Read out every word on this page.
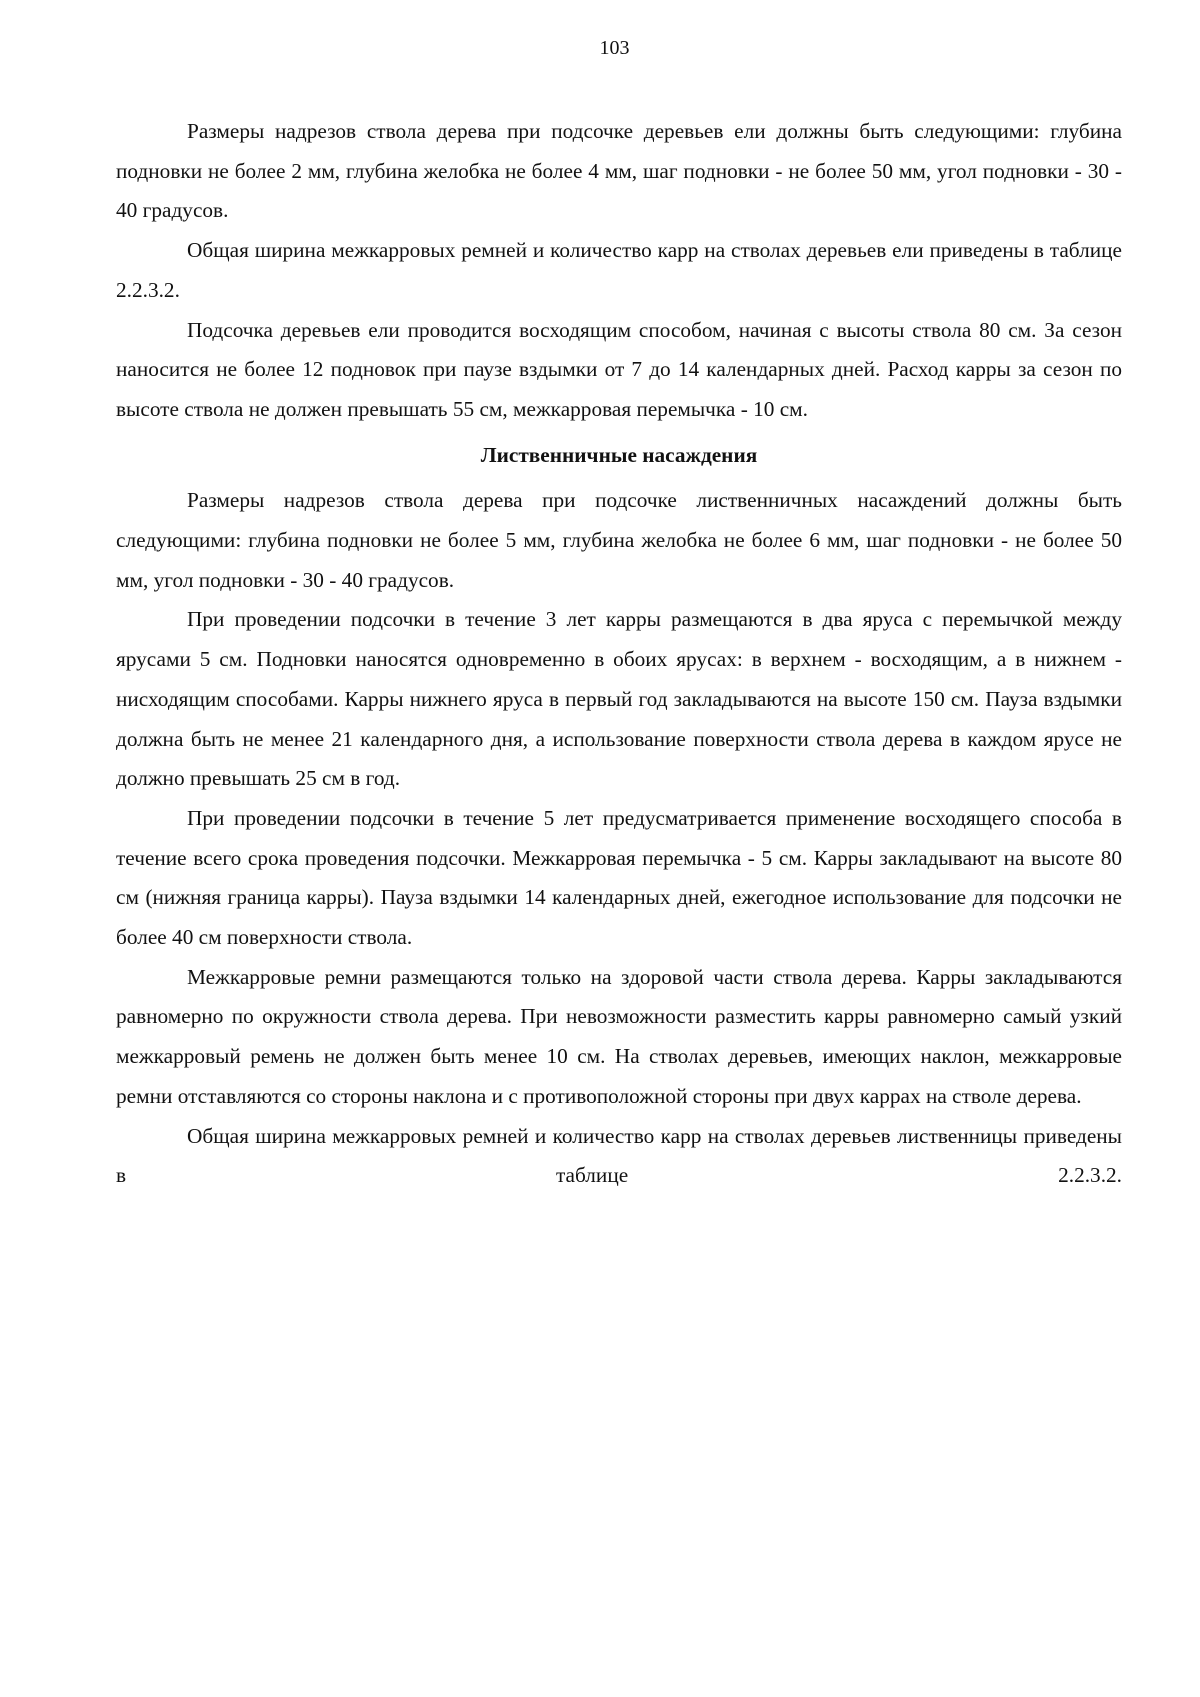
103

Размеры надрезов ствола дерева при подсочке деревьев ели должны быть следующими: глубина подновки не более 2 мм, глубина желобка не более 4 мм, шаг подновки - не более 50 мм, угол подновки - 30 - 40 градусов.

Общая ширина межкарровых ремней и количество карр на стволах деревьев ели приведены в таблице 2.2.3.2.

Подсочка деревьев ели проводится восходящим способом, начиная с высоты ствола 80 см. За сезон наносится не более 12 подновок при паузе вздымки от 7 до 14 календарных дней. Расход карры за сезон по высоте ствола не должен превышать 55 см, межкарровая перемычка - 10 см.

Лиственничные насаждения

Размеры надрезов ствола дерева при подсочке лиственничных насаждений должны быть следующими: глубина подновки не более 5 мм, глубина желобка не более 6 мм, шаг подновки - не более 50 мм, угол подновки - 30 - 40 градусов.

При проведении подсочки в течение 3 лет карры размещаются в два яруса с перемычкой между ярусами 5 см. Подновки наносятся одновременно в обоих ярусах: в верхнем - восходящим, а в нижнем - нисходящим способами. Карры нижнего яруса в первый год закладываются на высоте 150 см. Пауза вздымки должна быть не менее 21 календарного дня, а использование поверхности ствола дерева в каждом ярусе не должно превышать 25 см в год.

При проведении подсочки в течение 5 лет предусматривается применение восходящего способа в течение всего срока проведения подсочки. Межкарровая перемычка - 5 см. Карры закладывают на высоте 80 см (нижняя граница карры). Пауза вздымки 14 календарных дней, ежегодное использование для подсочки не более 40 см поверхности ствола.

Межкарровые ремни размещаются только на здоровой части ствола дерева. Карры закладываются равномерно по окружности ствола дерева. При невозможности разместить карры равномерно самый узкий межкарровый ремень не должен быть менее 10 см. На стволах деревьев, имеющих наклон, межкарровые ремни отставляются со стороны наклона и с противоположной стороны при двух каррах на стволе дерева.

Общая ширина межкарровых ремней и количество карр на стволах деревьев лиственницы приведены в таблице 2.2.3.2.
